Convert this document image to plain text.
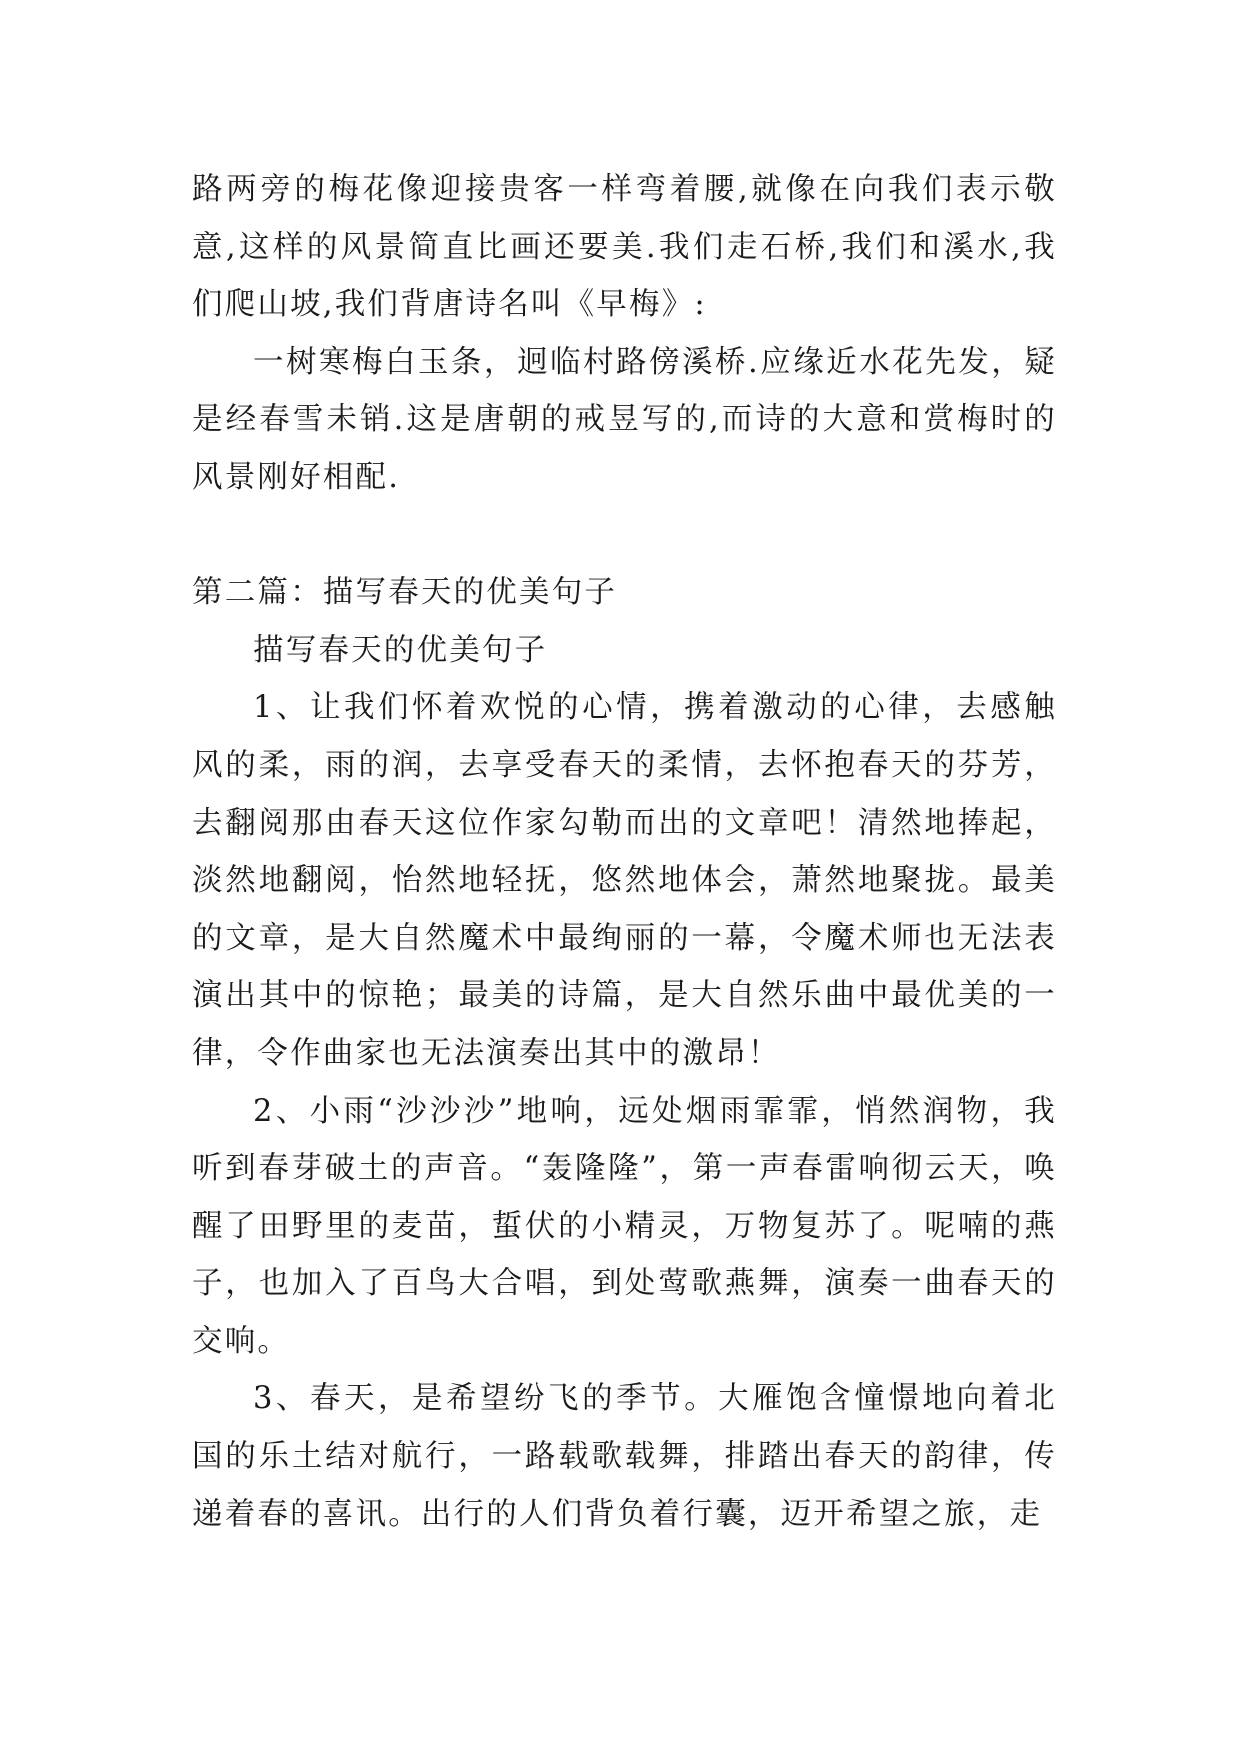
路两旁的梅花像迎接贵客一样弯着腰,就像在向我们表示敬意,这样的风景简直比画还要美.我们走石桥,我们和溪水,我们爬山坡,我们背唐诗名叫《早梅》:

一树寒梅白玉条，迥临村路傍溪桥.应缘近水花先发，疑是经春雪未销.这是唐朝的戒昱写的,而诗的大意和赏梅时的风景刚好相配.

第二篇：描写春天的优美句子

描写春天的优美句子

1、让我们怀着欢悦的心情，携着激动的心律，去感触风的柔，雨的润，去享受春天的柔情，去怀抱春天的芬芳，去翻阅那由春天这位作家勾勒而出的文章吧！清然地捧起，淡然地翻阅，怡然地轻抚，悠然地体会，萧然地聚拢。最美的文章，是大自然魔术中最绚丽的一幕，令魔术师也无法表演出其中的惊艳；最美的诗篇，是大自然乐曲中最优美的一律，令作曲家也无法演奏出其中的激昂！

2、小雨“沙沙沙”地响，远处烟雨霏霏，悄然润物，我听到春芽破土的声音。“轰隆隆”，第一声春雷响彻云天，唤醒了田野里的麦苗，蜇伏的小精灵，万物复苏了。呢喃的燕子，也加入了百鸟大合唱，到处莺歌燕舞，演奏一曲春天的交响。

3、春天，是希望纷飞的季节。大雁饱含憧憬地向着北国的乐土结对航行，一路载歌载舞，排踏出春天的韵律，传递着春的喜讯。出行的人们背负着行囊，迈开希望之旅，走
